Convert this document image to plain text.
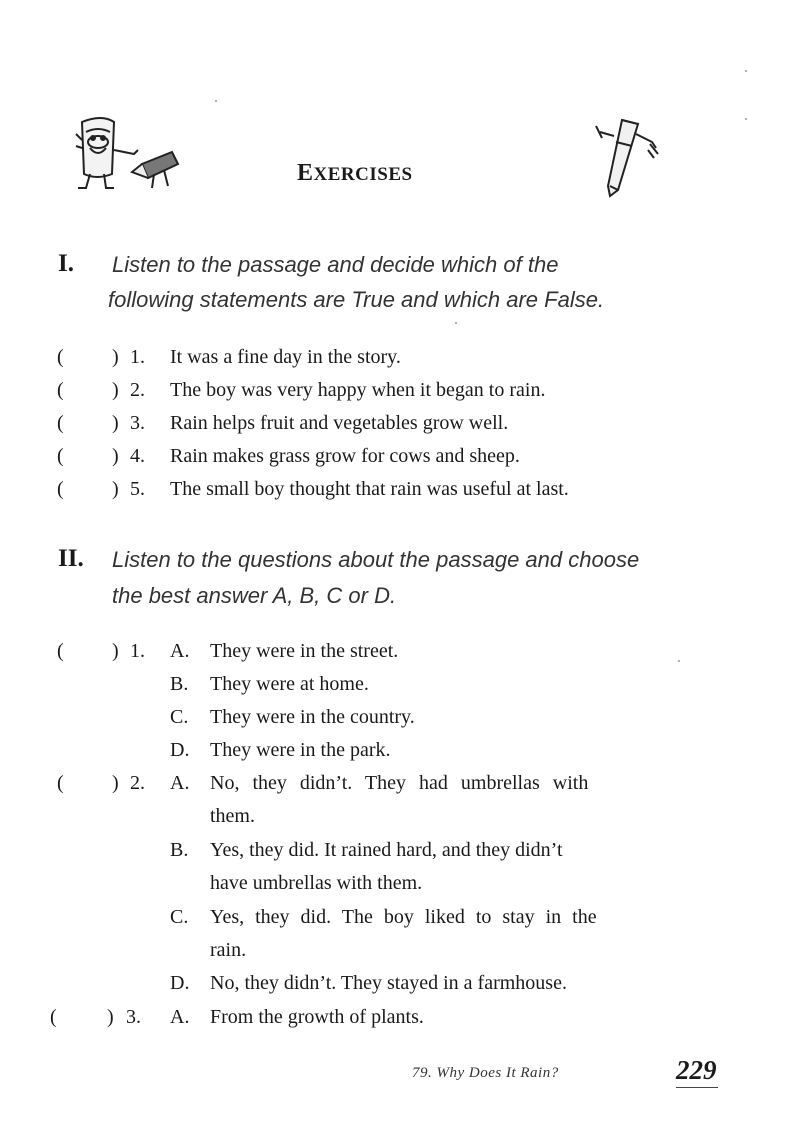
EXERCISES
I. Listen to the passage and decide which of the
following statements are True and which are False.
( ) 1. It was a fine day in the story.
( ) 2. The boy was very happy when it began to rain.
( ) 3. Rain helps fruit and vegetables grow well.
( ) 4. Rain makes grass grow for cows and sheep.
( ) 5. The small boy thought that rain was useful at last.
II. Listen to the questions about the passage and choose
the best answer A, B, C or D.
( ) 1. A. They were in the street.
B. They were at home.
C. They were in the country.
D. They were in the park.
( ) 2. A. No, they didn’t. They had umbrellas with
them.
B. Yes, they did. It rained hard, and they didn’t
have umbrellas with them.
C. Yes, they did. The boy liked to stay in the
rain.
D. No, they didn’t. They stayed in a farmhouse.
(	) 3. A. From the growth of plants.
79. Why Does It Rain?	229
